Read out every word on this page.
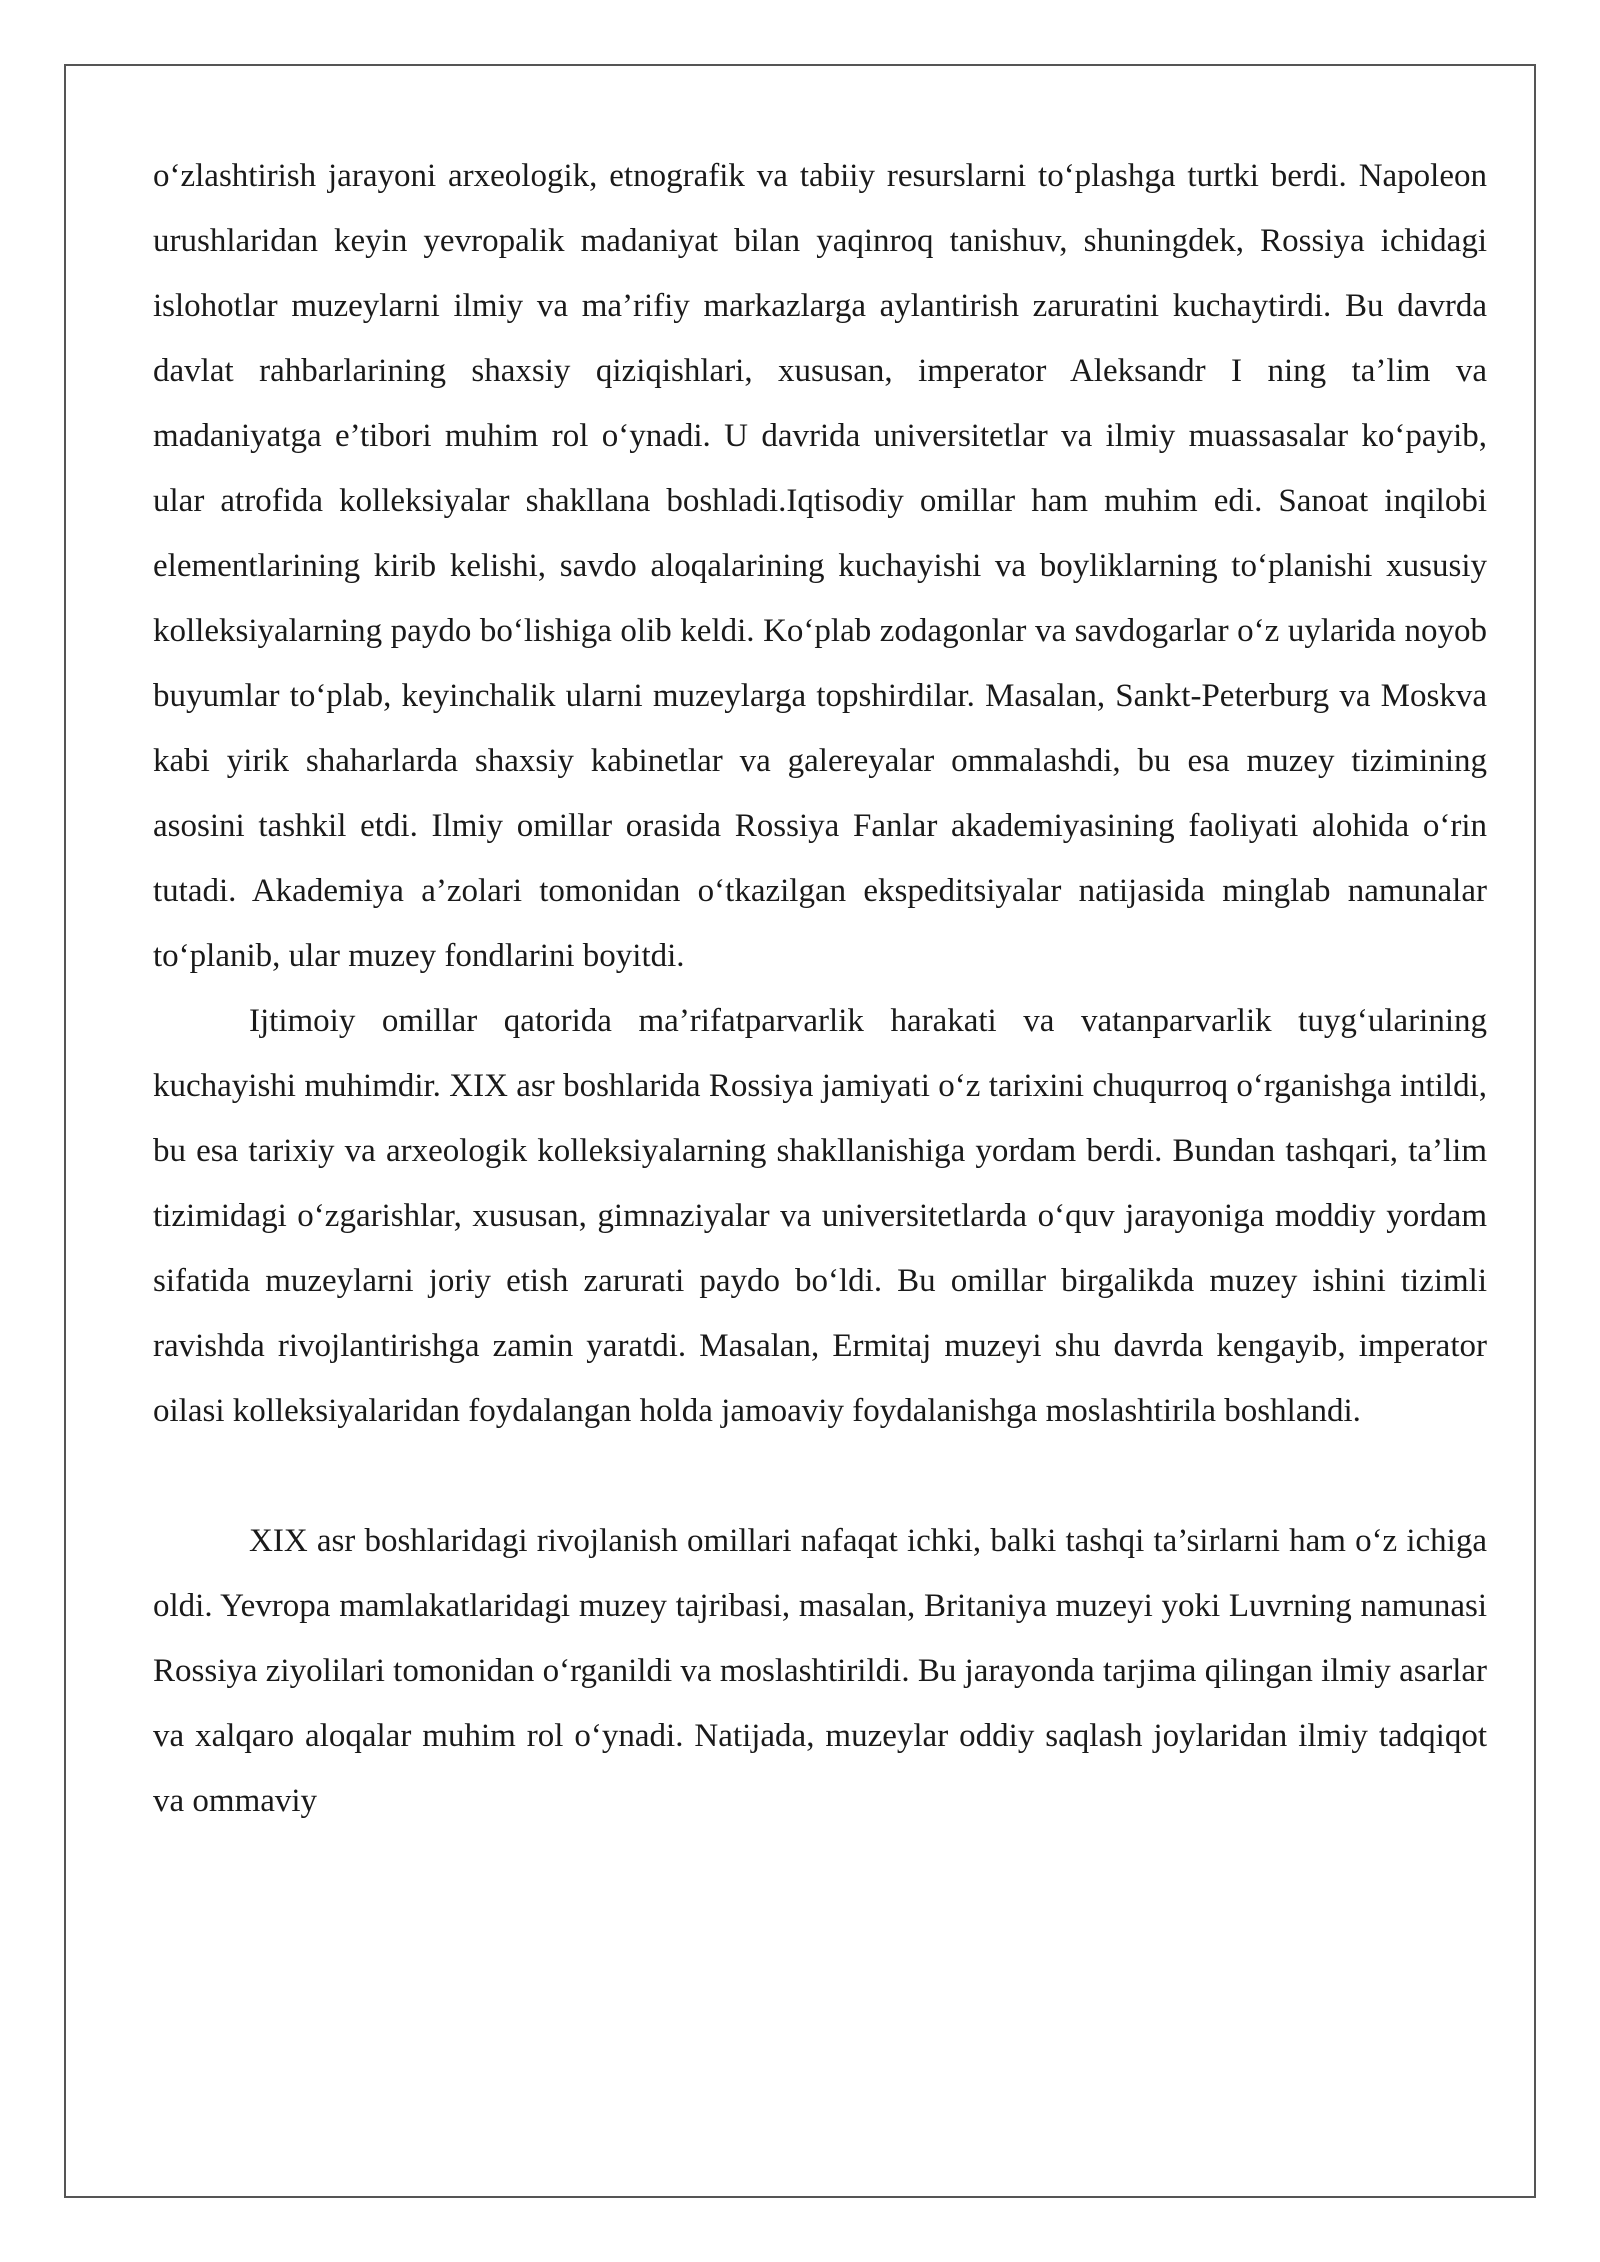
oʻzlashtirish jarayoni arxeologik, etnografik va tabiiy resurslarni toʻplashga turtki berdi. Napoleon urushlaridan keyin yevropalik madaniyat bilan yaqinroq tanishuv, shuningdek, Rossiya ichidagi islohotlar muzeylarni ilmiy va ma’rifiy markazlarga aylantirish zaruratini kuchaytirdi. Bu davrda davlat rahbarlarining shaxsiy qiziqishlari, xususan, imperator Aleksandr I ning ta’lim va madaniyatga e’tibori muhim rol oʻynadi. U davrida universitetlar va ilmiy muassasalar koʻpayib, ular atrofida kolleksiyalar shakllana boshladi.Iqtisodiy omillar ham muhim edi. Sanoat inqilobi elementlarining kirib kelishi, savdo aloqalarining kuchayishi va boyliklarning toʻplanishi xususiy kolleksiyalarning paydo boʻlishiga olib keldi. Koʻplab zodagonlar va savdogarlar oʻz uylarida noyob buyumlar toʻplab, keyinchalik ularni muzeylarga topshirdilar. Masalan, Sankt-Peterburg va Moskva kabi yirik shaharlarda shaxsiy kabinetlar va galereyalar ommalashdi, bu esa muzey tizimining asosini tashkil etdi. Ilmiy omillar orasida Rossiya Fanlar akademiyasining faoliyati alohida oʻrin tutadi. Akademiya a’zolari tomonidan oʻtkazilgan ekspeditsiyalar natijasida minglab namunalar toʻplanib, ular muzey fondlarini boyitdi.

Ijtimoiy omillar qatorida ma’rifatparvarlik harakati va vatanparvarlik tuygʻularining kuchayishi muhimdir. XIX asr boshlarida Rossiya jamiyati oʻz tarixini chuqurroq oʻrganishga intildi, bu esa tarixiy va arxeologik kolleksiyalarning shakllanishiga yordam berdi. Bundan tashqari, ta’lim tizimidagi oʻzgarishlar, xususan, gimnaziyalar va universitetlarda oʻquv jarayoniga moddiy yordam sifatida muzeylarni joriy etish zarurati paydo boʻldi. Bu omillar birgalikda muzey ishini tizimli ravishda rivojlantirishga zamin yaratdi. Masalan, Ermitaj muzeyi shu davrda kengayib, imperator oilasi kolleksiyalaridan foydalangan holda jamoaviy foydalanishga moslashtirila boshlandi.

XIX asr boshlaridagi rivojlanish omillari nafaqat ichki, balki tashqi ta’sirlarni ham oʻz ichiga oldi. Yevropa mamlakatlaridagi muzey tajribasi, masalan, Britaniya muzeyi yoki Luvrning namunasi Rossiya ziyolilari tomonidan oʻrganildi va moslashtirildi. Bu jarayonda tarjima qilingan ilmiy asarlar va xalqaro aloqalar muhim rol oʻynadi. Natijada, muzeylar oddiy saqlash joylaridan ilmiy tadqiqot va ommaviy
